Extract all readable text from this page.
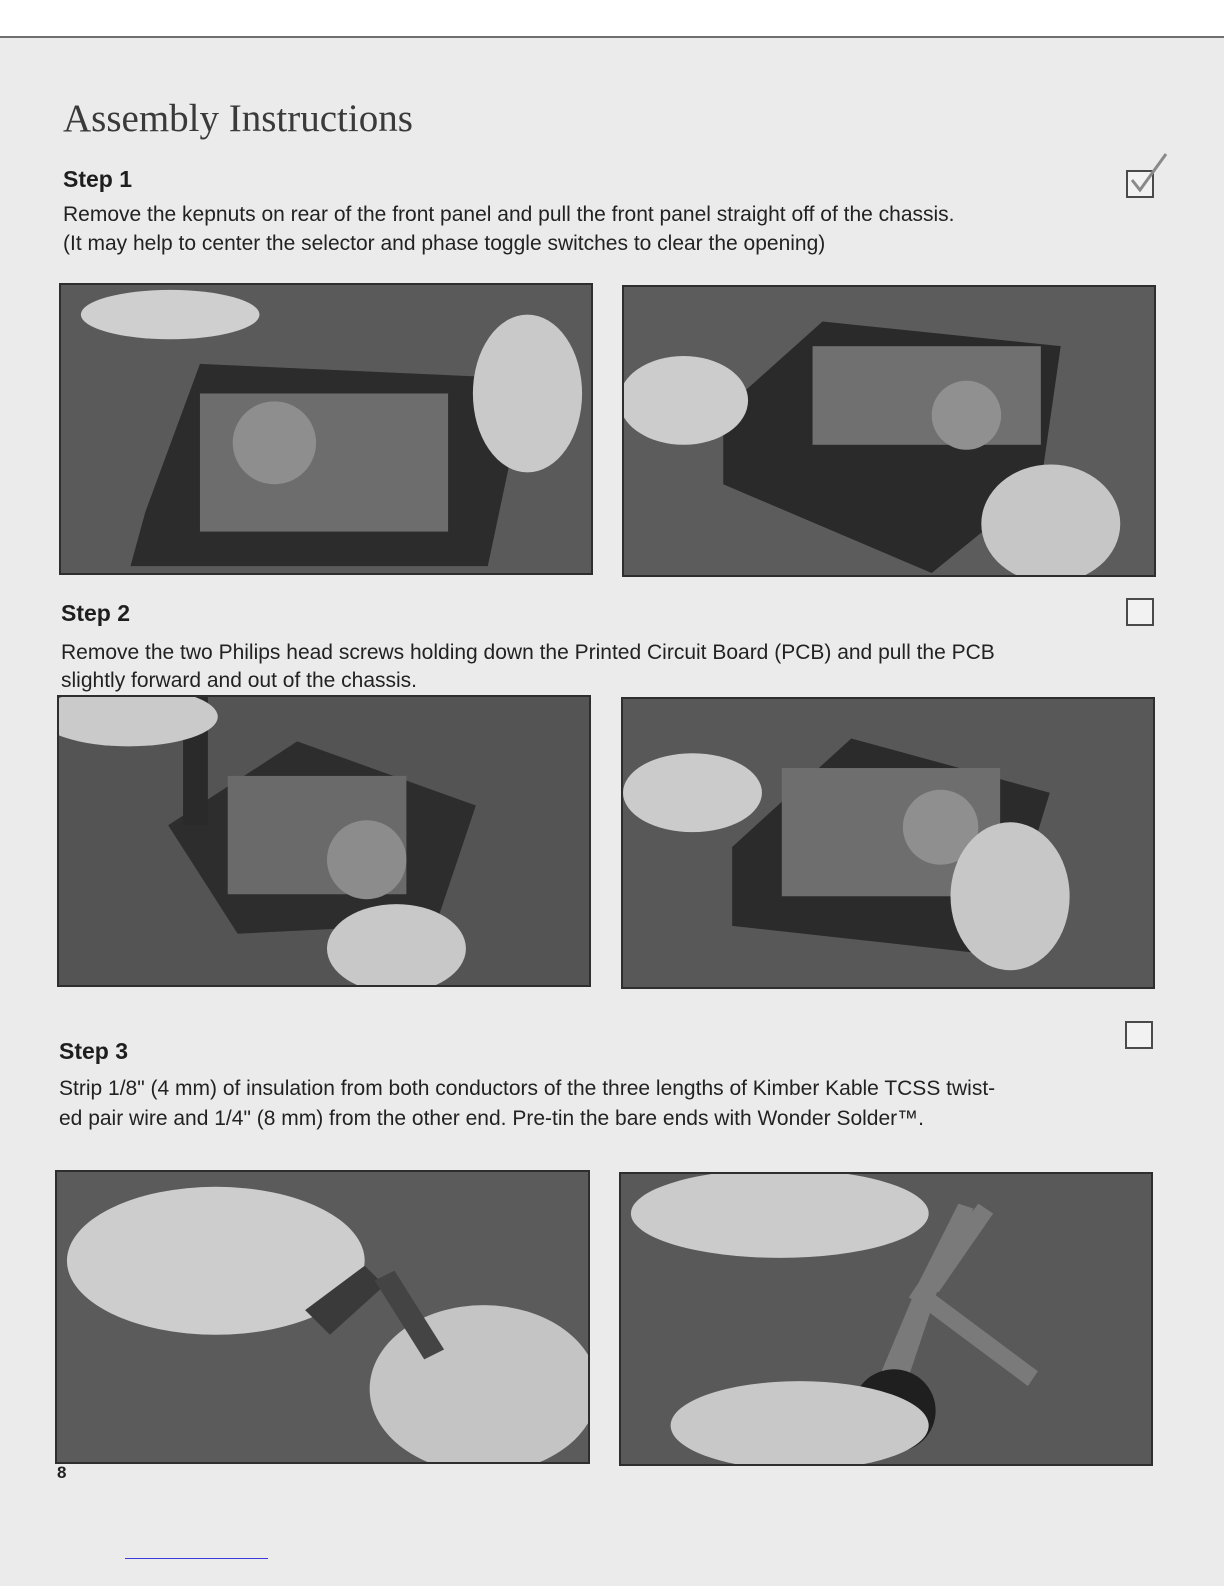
Assembly Instructions
Step 1
Remove the kepnuts on rear of the front panel and pull the front panel straight off of the chassis.
(It may help to center the selector and phase toggle switches to clear the opening)
Step 2
Remove the two Philips head screws holding down the Printed Circuit Board (PCB) and pull the PCB
slightly forward and out of the chassis.
Step 3
Strip 1/8" (4 mm) of insulation from both conductors of the three lengths of Kimber Kable TCSS twist-
ed pair wire and 1/4" (8 mm) from the other end. Pre-tin the bare ends with Wonder Solder™.
8
